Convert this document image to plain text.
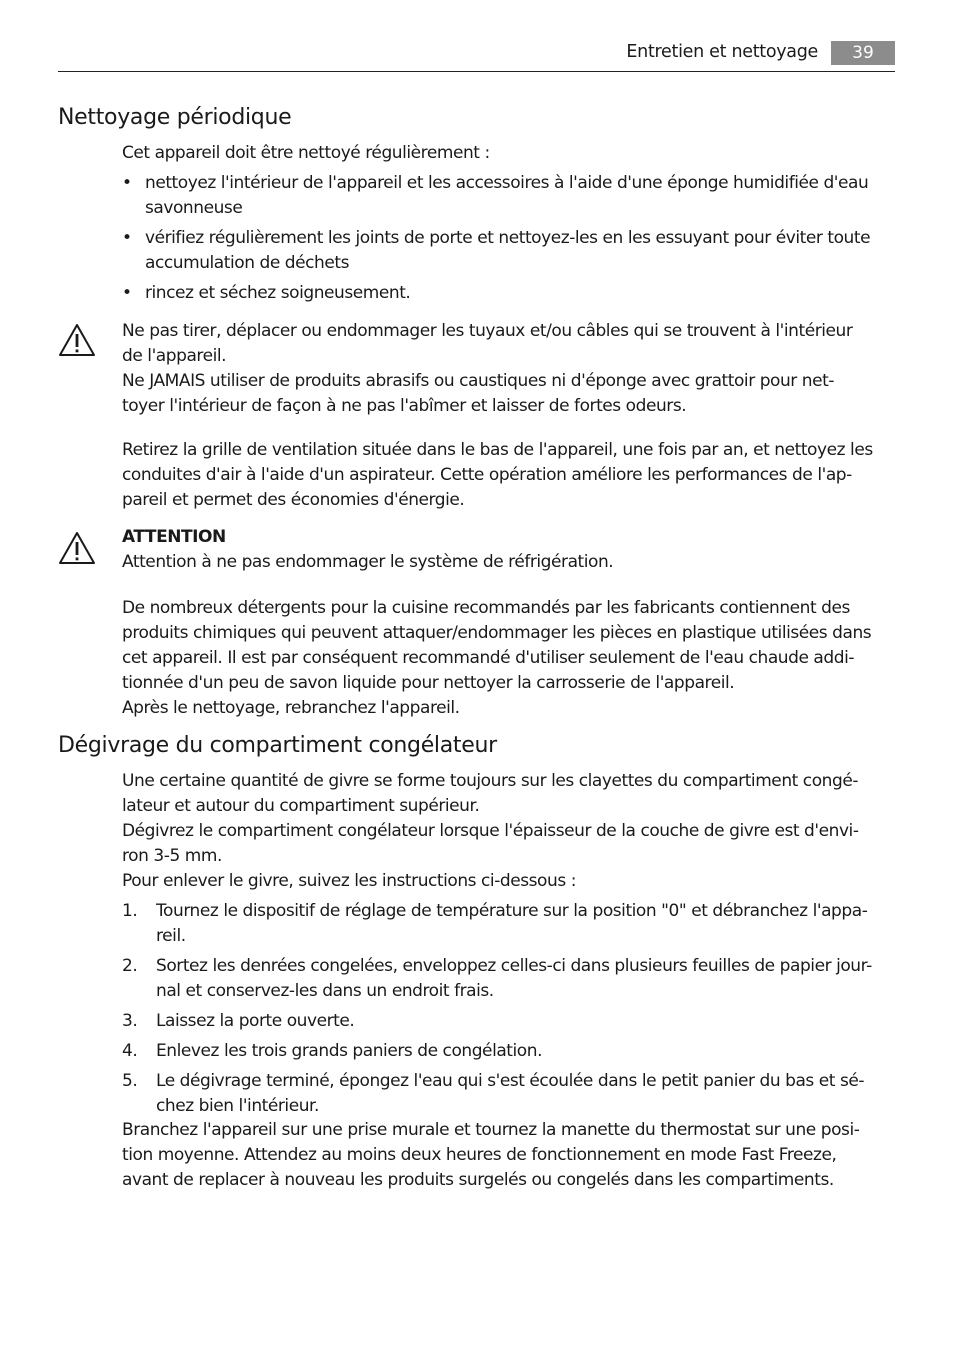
Entretien et nettoyage	39
Nettoyage périodique

Cet appareil doit être nettoyé régulièrement :

• nettoyez l'intérieur de l'appareil et les accessoires à l'aide d'une éponge humidifiée d'eau
savonneuse
• vérifiez régulièrement les joints de porte et nettoyez-les en les essuyant pour éviter toute
accumulation de déchets
• rincez et séchez soigneusement.
Ne pas tirer, déplacer ou endommager les tuyaux et/ou câbles qui se trouvent à l'intérieur
de l'appareil.
Ne JAMAIS utiliser de produits abrasifs ou caustiques ni d'éponge avec grattoir pour net-
toyer l'intérieur de façon à ne pas l'abîmer et laisser de fortes odeurs.
Retirez la grille de ventilation située dans le bas de l'appareil, une fois par an, et nettoyez les
conduites d'air à l'aide d'un aspirateur. Cette opération améliore les performances de l'ap-
pareil et permet des économies d'énergie.
ATTENTION
Attention à ne pas endommager le système de réfrigération.
De nombreux détergents pour la cuisine recommandés par les fabricants contiennent des
produits chimiques qui peuvent attaquer/endommager les pièces en plastique utilisées dans
cet appareil. Il est par conséquent recommandé d'utiliser seulement de l'eau chaude addi-
tionnée d'un peu de savon liquide pour nettoyer la carrosserie de l'appareil.
Après le nettoyage, rebranchez l'appareil.
Dégivrage du compartiment congélateur
Une certaine quantité de givre se forme toujours sur les clayettes du compartiment congé-
lateur et autour du compartiment supérieur.
Dégivrez le compartiment congélateur lorsque l'épaisseur de la couche de givre est d'envi-
ron 3-5 mm.
Pour enlever le givre, suivez les instructions ci-dessous :
1.	Tournez le dispositif de réglage de température sur la position "0" et débranchez l'appa-
reil.
2.	Sortez les denrées congelées, enveloppez celles-ci dans plusieurs feuilles de papier jour-
nal et conservez-les dans un endroit frais.
3.	Laissez la porte ouverte.
4.	Enlevez les trois grands paniers de congélation.
5.	Le dégivrage terminé, épongez l'eau qui s'est écoulée dans le petit panier du bas et sé-
chez bien l'intérieur.
Branchez l'appareil sur une prise murale et tournez la manette du thermostat sur une posi-
tion moyenne. Attendez au moins deux heures de fonctionnement en mode Fast Freeze,
avant de replacer à nouveau les produits surgelés ou congelés dans les compartiments.
